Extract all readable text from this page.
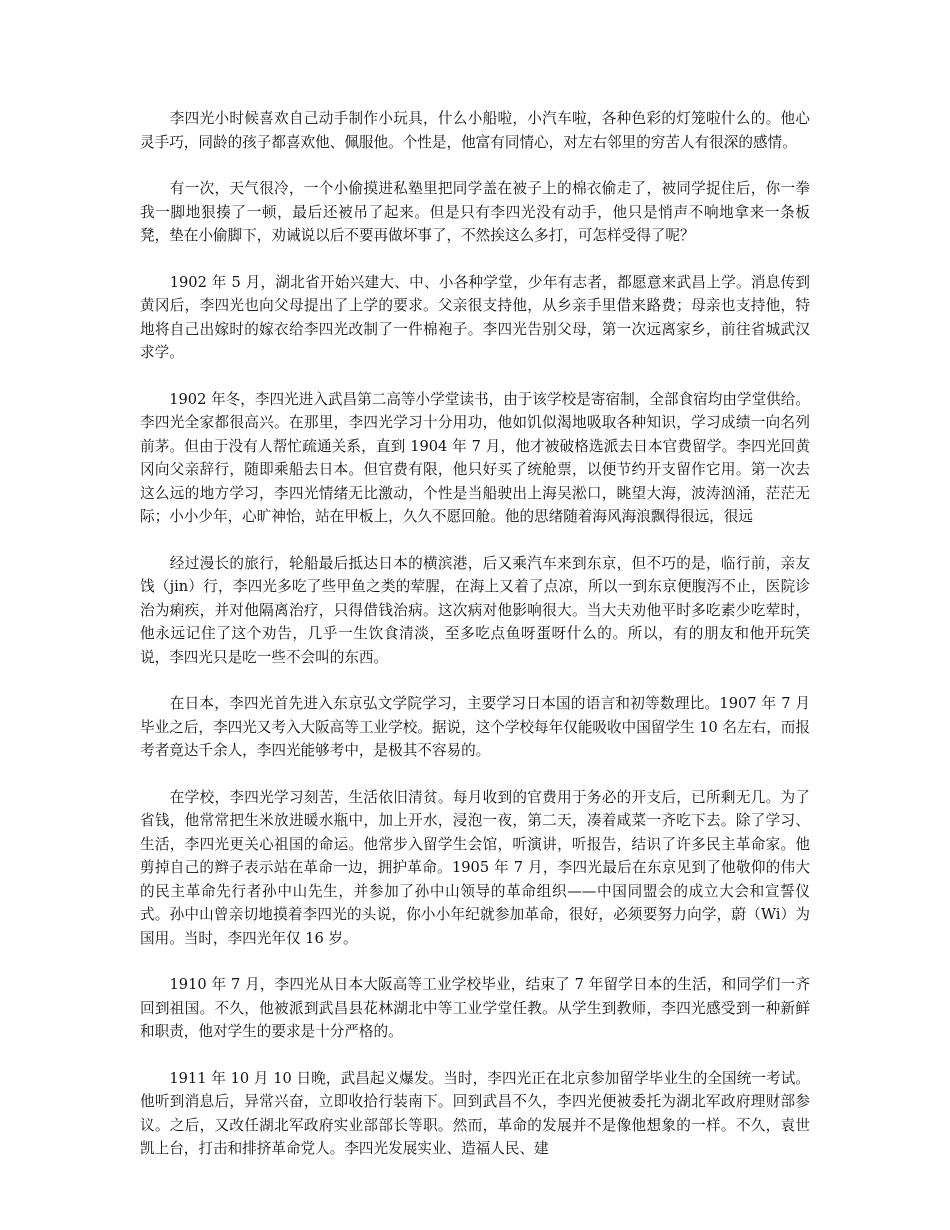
　　李四光小时候喜欢自己动手制作小玩具，什么小船啦，小汽车啦，各种色彩的灯笼啦什么的。他心灵手巧，同龄的孩子都喜欢他、佩服他。个性是，他富有同情心，对左右邻里的穷苦人有很深的感情。

　　有一次，天气很冷，一个小偷摸进私塾里把同学盖在被子上的棉衣偷走了，被同学捉住后，你一拳我一脚地狠揍了一顿，最后还被吊了起来。但是只有李四光没有动手，他只是悄声不响地拿来一条板凳，垫在小偷脚下，劝诫说以后不要再做坏事了，不然挨这么多打，可怎样受得了呢？

　　1902 年 5 月，湖北省开始兴建大、中、小各种学堂，少年有志者，都愿意来武昌上学。消息传到黄冈后，李四光也向父母提出了上学的要求。父亲很支持他，从乡亲手里借来路费；母亲也支持他，特地将自己出嫁时的嫁衣给李四光改制了一件棉袍子。李四光告别父母，第一次远离家乡，前往省城武汉求学。

　　1902 年冬，李四光进入武昌第二高等小学堂读书，由于该学校是寄宿制，全部食宿均由学堂供给。李四光全家都很高兴。在那里，李四光学习十分用功，他如饥似渴地吸取各种知识，学习成绩一向名列前茅。但由于没有人帮忙疏通关系，直到 1904 年 7 月，他才被破格选派去日本官费留学。李四光回黄冈向父亲辞行，随即乘船去日本。但官费有限，他只好买了统舱票，以便节约开支留作它用。第一次去这么远的地方学习，李四光情绪无比激动，个性是当船驶出上海吴淞口，眺望大海，波涛汹涌，茫茫无际；小小少年，心旷神怡，站在甲板上，久久不愿回舱。他的思绪随着海风海浪飘得很远，很远

　　经过漫长的旅行，轮船最后抵达日本的横滨港，后又乘汽车来到东京，但不巧的是，临行前，亲友饯（jin）行，李四光多吃了些甲鱼之类的荤腥，在海上又着了点凉，所以一到东京便腹泻不止，医院诊治为痢疾，并对他隔离治疗，只得借钱治病。这次病对他影响很大。当大夫劝他平时多吃素少吃荤时，他永远记住了这个劝告，几乎一生饮食清淡，至多吃点鱼呀蛋呀什么的。所以，有的朋友和他开玩笑说，李四光只是吃一些不会叫的东西。

　　在日本，李四光首先进入东京弘文学院学习，主要学习日本国的语言和初等数理比。1907 年 7 月毕业之后，李四光又考入大阪高等工业学校。据说，这个学校每年仅能吸收中国留学生 10 名左右，而报考者竟达千余人，李四光能够考中，是极其不容易的。

　　在学校，李四光学习刻苦，生活依旧清贫。每月收到的官费用于务必的开支后，已所剩无几。为了省钱，他常常把生米放进暖水瓶中，加上开水，浸泡一夜，第二天，凑着咸菜一齐吃下去。除了学习、生活，李四光更关心祖国的命运。他常步入留学生会馆，听演讲，听报告，结识了许多民主革命家。他剪掉自己的辫子表示站在革命一边，拥护革命。1905 年 7 月，李四光最后在东京见到了他敬仰的伟大的民主革命先行者孙中山先生，并参加了孙中山领导的革命组织——中国同盟会的成立大会和宣誓仪式。孙中山曾亲切地摸着李四光的头说，你小小年纪就参加革命，很好，必须要努力向学，蔚（Wi）为国用。当时，李四光年仅 16 岁。

　　1910 年 7 月，李四光从日本大阪高等工业学校毕业，结束了 7 年留学日本的生活，和同学们一齐回到祖国。不久，他被派到武昌县花林湖北中等工业学堂任教。从学生到教师，李四光感受到一种新鲜和职责，他对学生的要求是十分严格的。

　　1911 年 10 月 10 日晚，武昌起义爆发。当时，李四光正在北京参加留学毕业生的全国统一考试。他听到消息后，异常兴奋，立即收拾行装南下。回到武昌不久，李四光便被委托为湖北军政府理财部参议。之后，又改任湖北军政府实业部部长等职。然而，革命的发展并不是像他想象的一样。不久，袁世凯上台，打击和排挤革命党人。李四光发展实业、造福人民、建
